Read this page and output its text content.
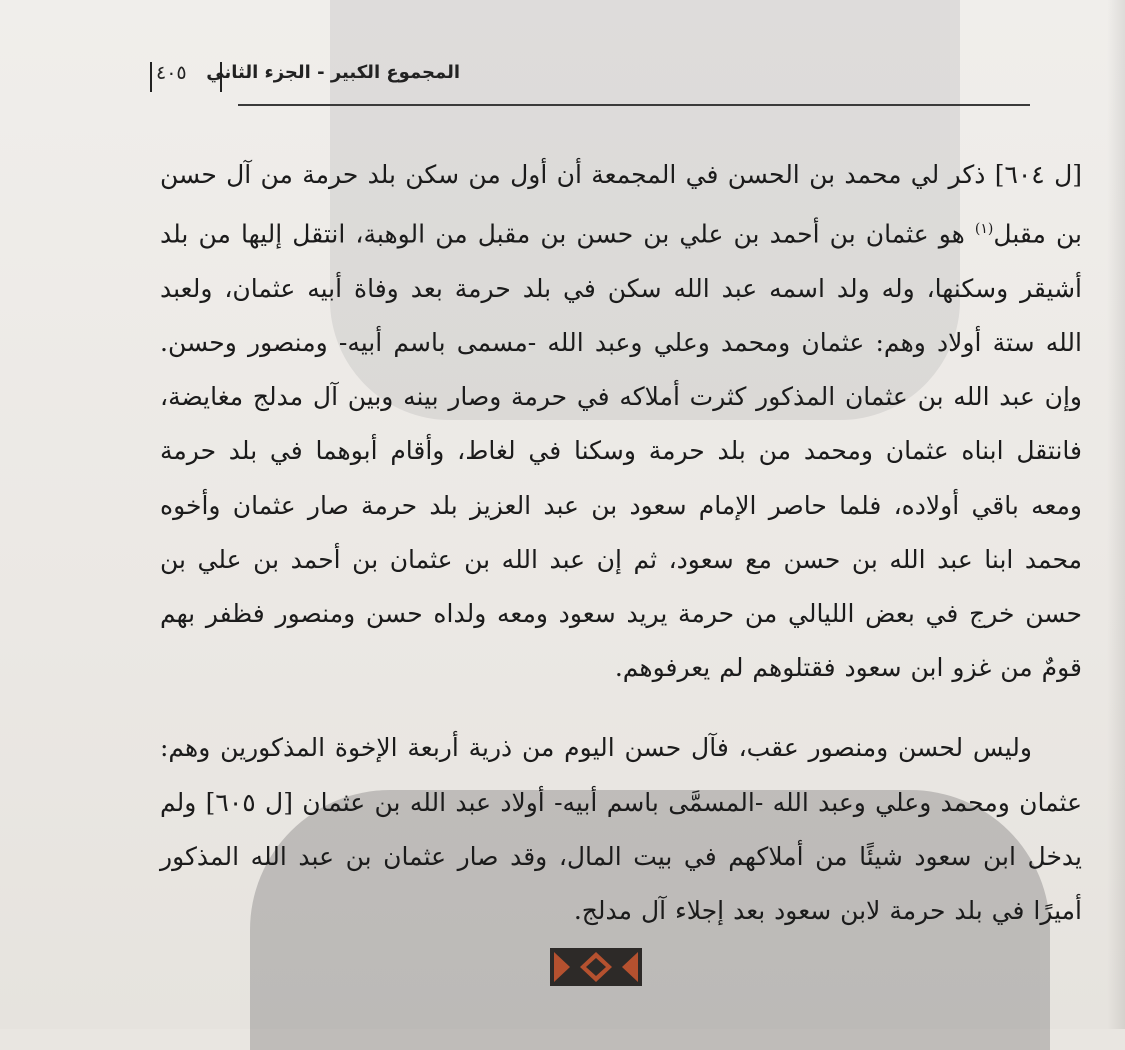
٤٠٥ المجموع الكبير - الجزء الثاني

[ل ٦٠٤] ذكر لي محمد بن الحسن في المجمعة أن أول من سكن بلد حرمة من آل حسن بن مقبل$^{(١)}$ هو عثمان بن أحمد بن علي بن حسن بن مقبل من الوهبة، انتقل إليها من بلد أشيقر وسكنها، وله ولد اسمه عبد الله سكن في بلد حرمة بعد وفاة أبيه عثمان، ولعبد الله ستة أولاد وهم: عثمان ومحمد وعلي وعبد الله -مسمى باسم أبيه- ومنصور وحسن. وإن عبد الله بن عثمان المذكور كثرت أملاكه في حرمة وصار بينه وبين آل مدلج مغايضة، فانتقل ابناه عثمان ومحمد من بلد حرمة وسكنا في لغاط، وأقام أبوهما في بلد حرمة ومعه باقي أولاده، فلما حاصر الإمام سعود بن عبد العزيز بلد حرمة صار عثمان وأخوه محمد ابنا عبد الله بن حسن مع سعود، ثم إن عبد الله بن عثمان بن أحمد بن علي بن حسن خرج في بعض الليالي من حرمة يريد سعود ومعه ولداه حسن ومنصور فظفر بهم قومٌ من غزو ابن سعود فقتلوهم لم يعرفوهم.

وليس لحسن ومنصور عقب، فآل حسن اليوم من ذرية أربعة الإخوة المذكورين وهم: عثمان ومحمد وعلي وعبد الله -المسمَّى باسم أبيه- أولاد عبد الله بن عثمان [ل ٦٠٥] ولم يدخل ابن سعود شيئًا من أملاكهم في بيت المال، وقد صار عثمان بن عبد الله المذكور أميرًا في بلد حرمة لابن سعود بعد إجلاء آل مدلج.
